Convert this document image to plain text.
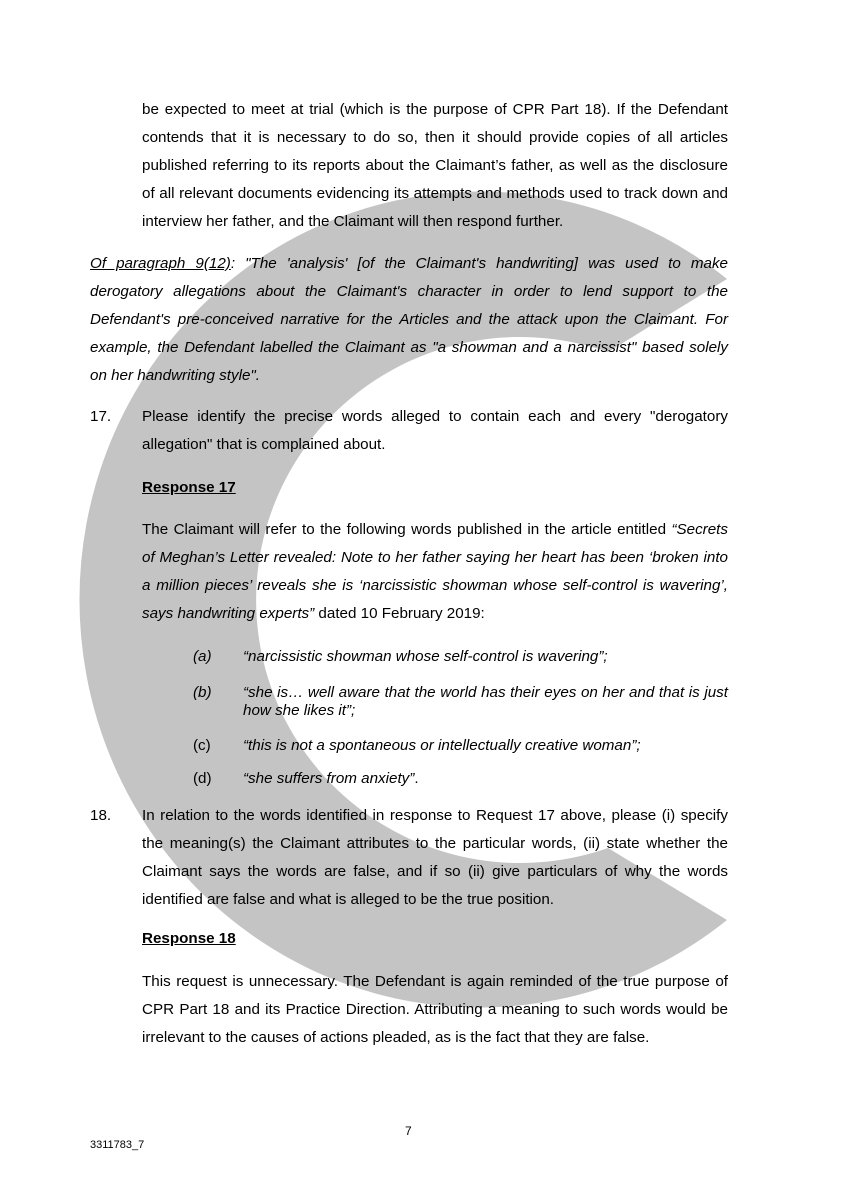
be expected to meet at trial (which is the purpose of CPR Part 18). If the Defendant contends that it is necessary to do so, then it should provide copies of all articles published referring to its reports about the Claimant’s father, as well as the disclosure of all relevant documents evidencing its attempts and methods used to track down and interview her father, and the Claimant will then respond further.
Of paragraph 9(12): "The 'analysis' [of the Claimant's handwriting] was used to make derogatory allegations about the Claimant's character in order to lend support to the Defendant's pre-conceived narrative for the Articles and the attack upon the Claimant. For example, the Defendant labelled the Claimant as "a showman and a narcissist" based solely on her handwriting style".
17. Please identify the precise words alleged to contain each and every "derogatory allegation" that is complained about.
Response 17
The Claimant will refer to the following words published in the article entitled “Secrets of Meghan’s Letter revealed: Note to her father saying her heart has been ‘broken into a million pieces’ reveals she is ‘narcissistic showman whose self-control is wavering’, says handwriting experts” dated 10 February 2019:
(a) “narcissistic showman whose self-control is wavering”;
(b) “she is… well aware that the world has their eyes on her and that is just how she likes it”;
(c) “this is not a spontaneous or intellectually creative woman”;
(d) “she suffers from anxiety”.
18. In relation to the words identified in response to Request 17 above, please (i) specify the meaning(s) the Claimant attributes to the particular words, (ii) state whether the Claimant says the words are false, and if so (ii) give particulars of why the words identified are false and what is alleged to be the true position.
Response 18
This request is unnecessary. The Defendant is again reminded of the true purpose of CPR Part 18 and its Practice Direction. Attributing a meaning to such words would be irrelevant to the causes of actions pleaded, as is the fact that they are false.
7
3311783_7
